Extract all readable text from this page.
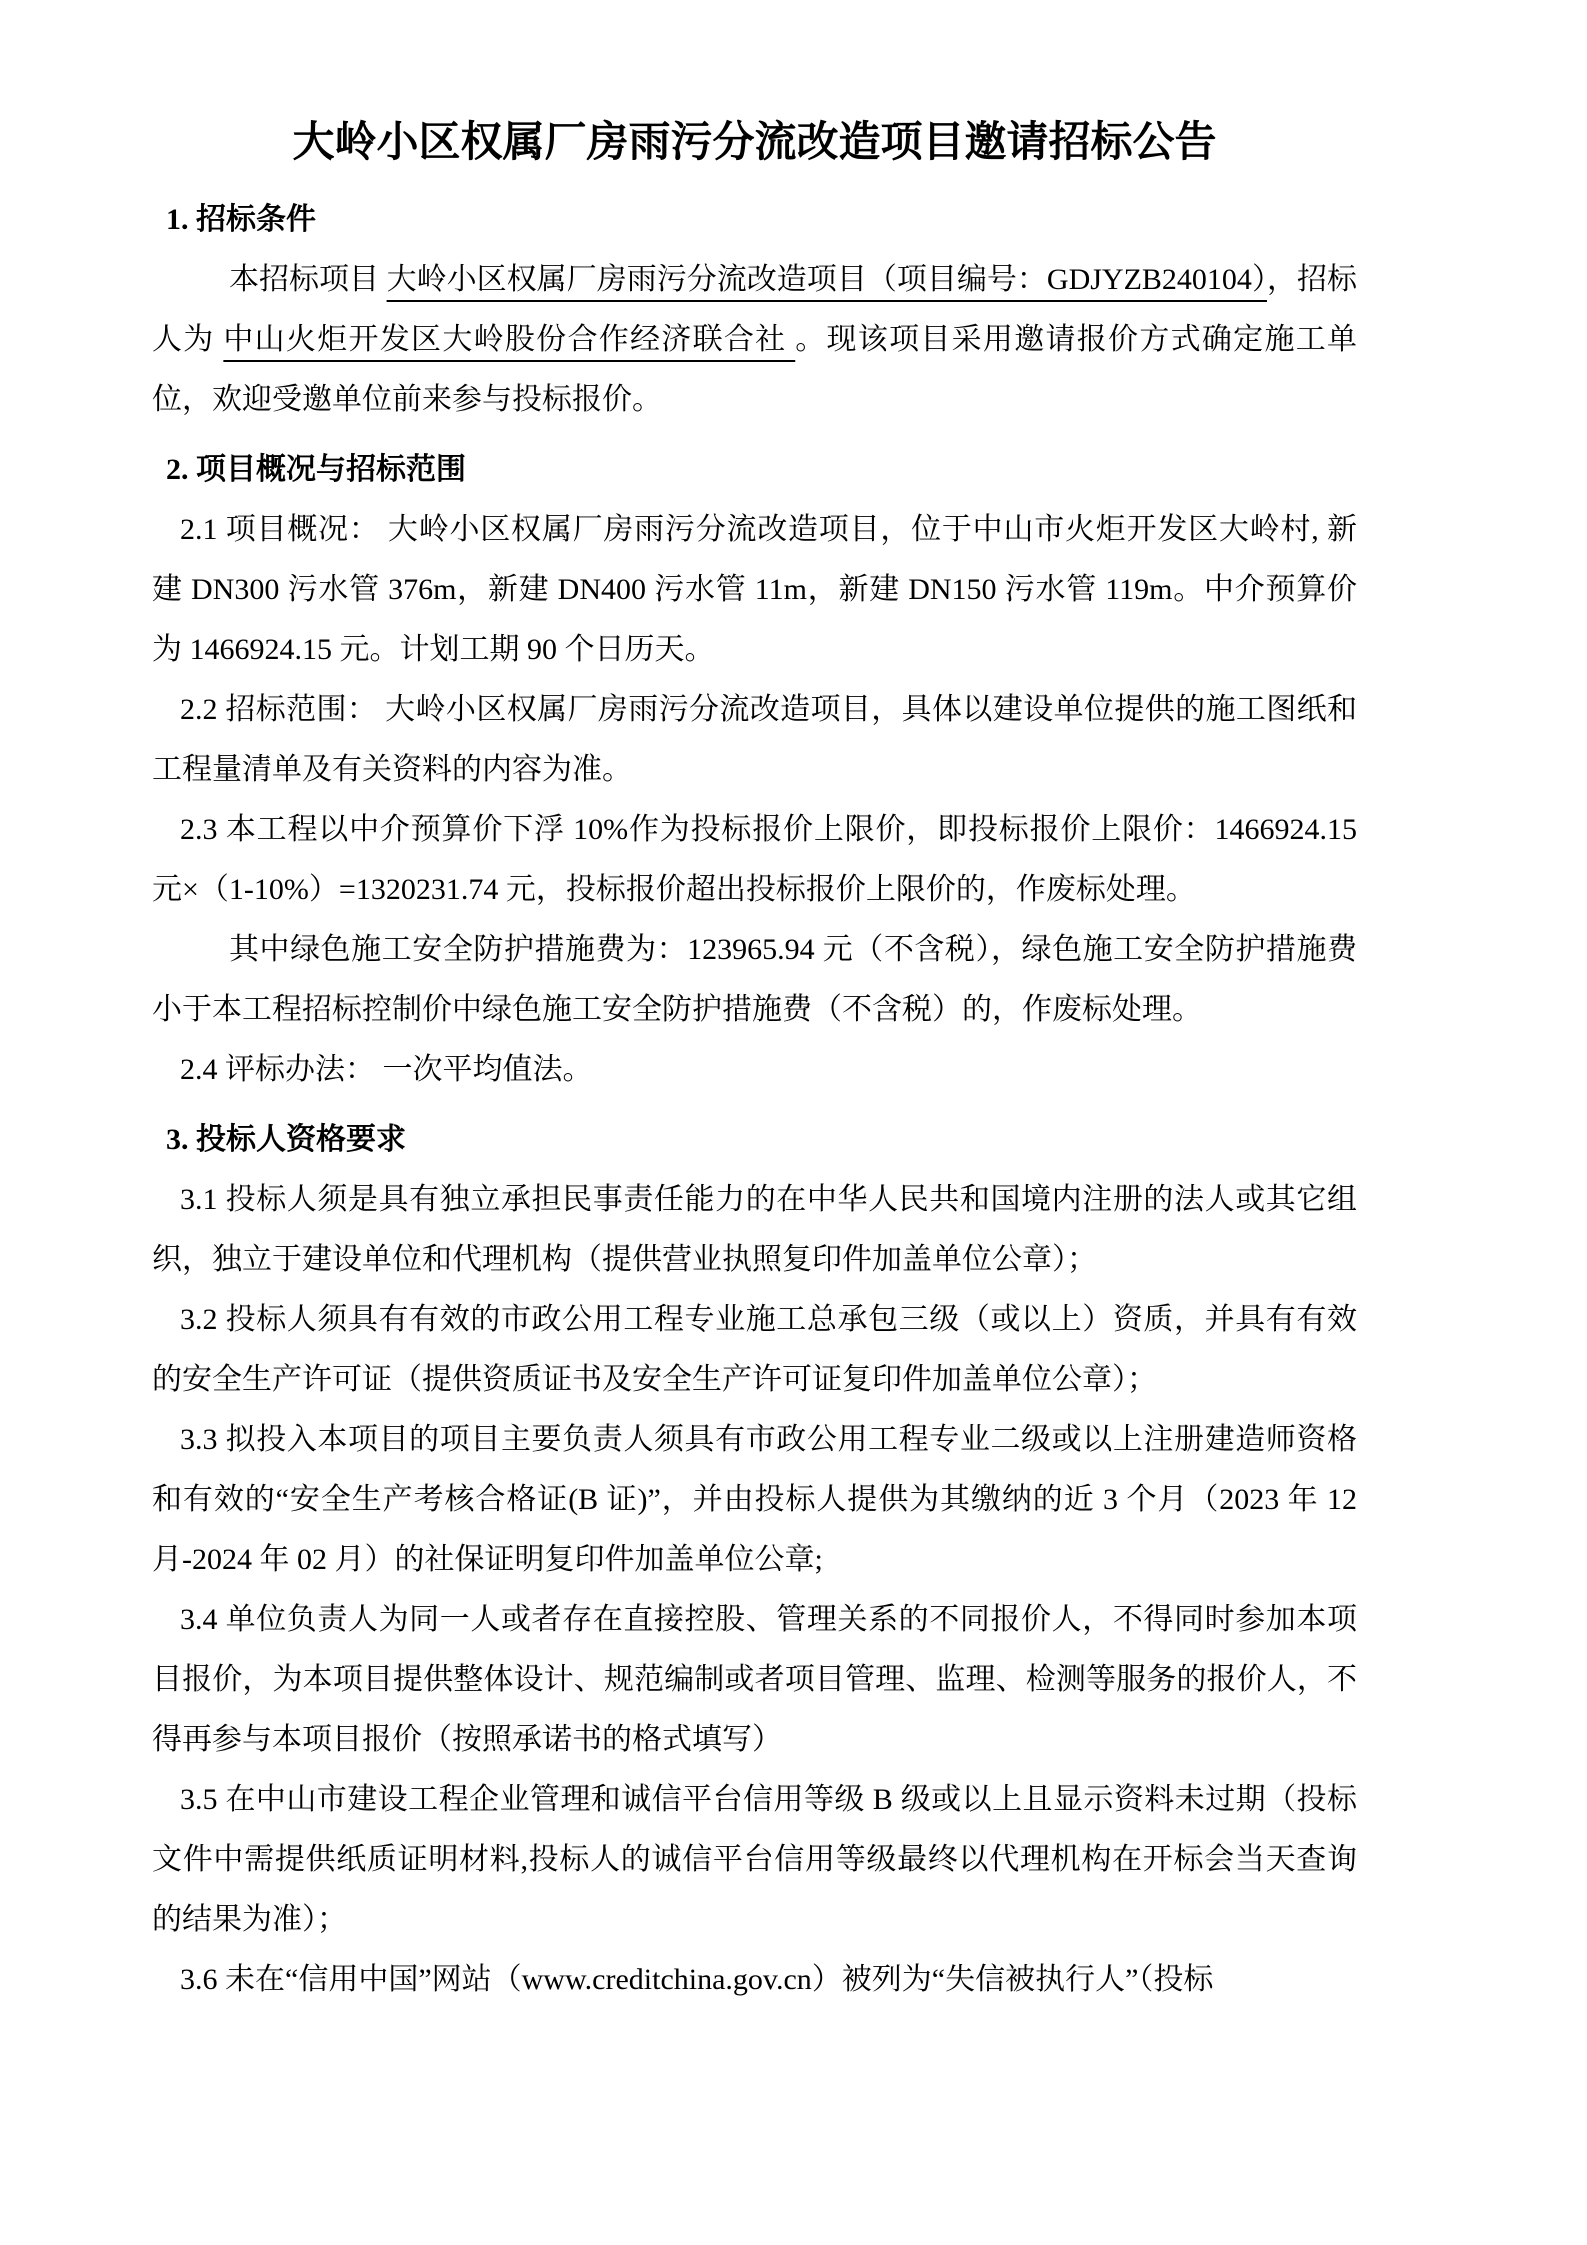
大岭小区权属厂房雨污分流改造项目邀请招标公告
1. 招标条件

本招标项目 大岭小区权属厂房雨污分流改造项目（项目编号：GDJYZB240104），招标人为 中山火炬开发区大岭股份合作经济联合社 。现该项目采用邀请报价方式确定施工单位，欢迎受邀单位前来参与投标报价。

2. 项目概况与招标范围

2.1 项目概况： 大岭小区权属厂房雨污分流改造项目，位于中山市火炬开发区大岭村, 新建 DN300 污水管 376m，新建 DN400 污水管 11m，新建 DN150 污水管 119m。中介预算价为 1466924.15 元。计划工期 90 个日历天。

2.2 招标范围： 大岭小区权属厂房雨污分流改造项目，具体以建设单位提供的施工图纸和工程量清单及有关资料的内容为准。

2.3 本工程以中介预算价下浮 10%作为投标报价上限价，即投标报价上限价：1466924.15 元×（1-10%）=1320231.74 元，投标报价超出投标报价上限价的，作废标处理。

其中绿色施工安全防护措施费为：123965.94 元（不含税），绿色施工安全防护措施费小于本工程招标控制价中绿色施工安全防护措施费（不含税）的，作废标处理。

2.4 评标办法： 一次平均值法。

3. 投标人资格要求

3.1 投标人须是具有独立承担民事责任能力的在中华人民共和国境内注册的法人或其它组织，独立于建设单位和代理机构（提供营业执照复印件加盖单位公章）；

3.2 投标人须具有有效的市政公用工程专业施工总承包三级（或以上）资质，并具有有效的安全生产许可证（提供资质证书及安全生产许可证复印件加盖单位公章）；

3.3 拟投入本项目的项目主要负责人须具有市政公用工程专业二级或以上注册建造师资格和有效的“安全生产考核合格证(B 证)”，并由投标人提供为其缴纳的近 3 个月（2023 年 12 月-2024 年 02 月）的社保证明复印件加盖单位公章;

3.4 单位负责人为同一人或者存在直接控股、管理关系的不同报价人，不得同时参加本项目报价，为本项目提供整体设计、规范编制或者项目管理、监理、检测等服务的报价人，不得再参与本项目报价（按照承诺书的格式填写）

3.5 在中山市建设工程企业管理和诚信平台信用等级 B 级或以上且显示资料未过期（投标文件中需提供纸质证明材料,投标人的诚信平台信用等级最终以代理机构在开标会当天查询的结果为准）；

3.6 未在“信用中国”网站（www.creditchina.gov.cn）被列为“失信被执行人”（投标
